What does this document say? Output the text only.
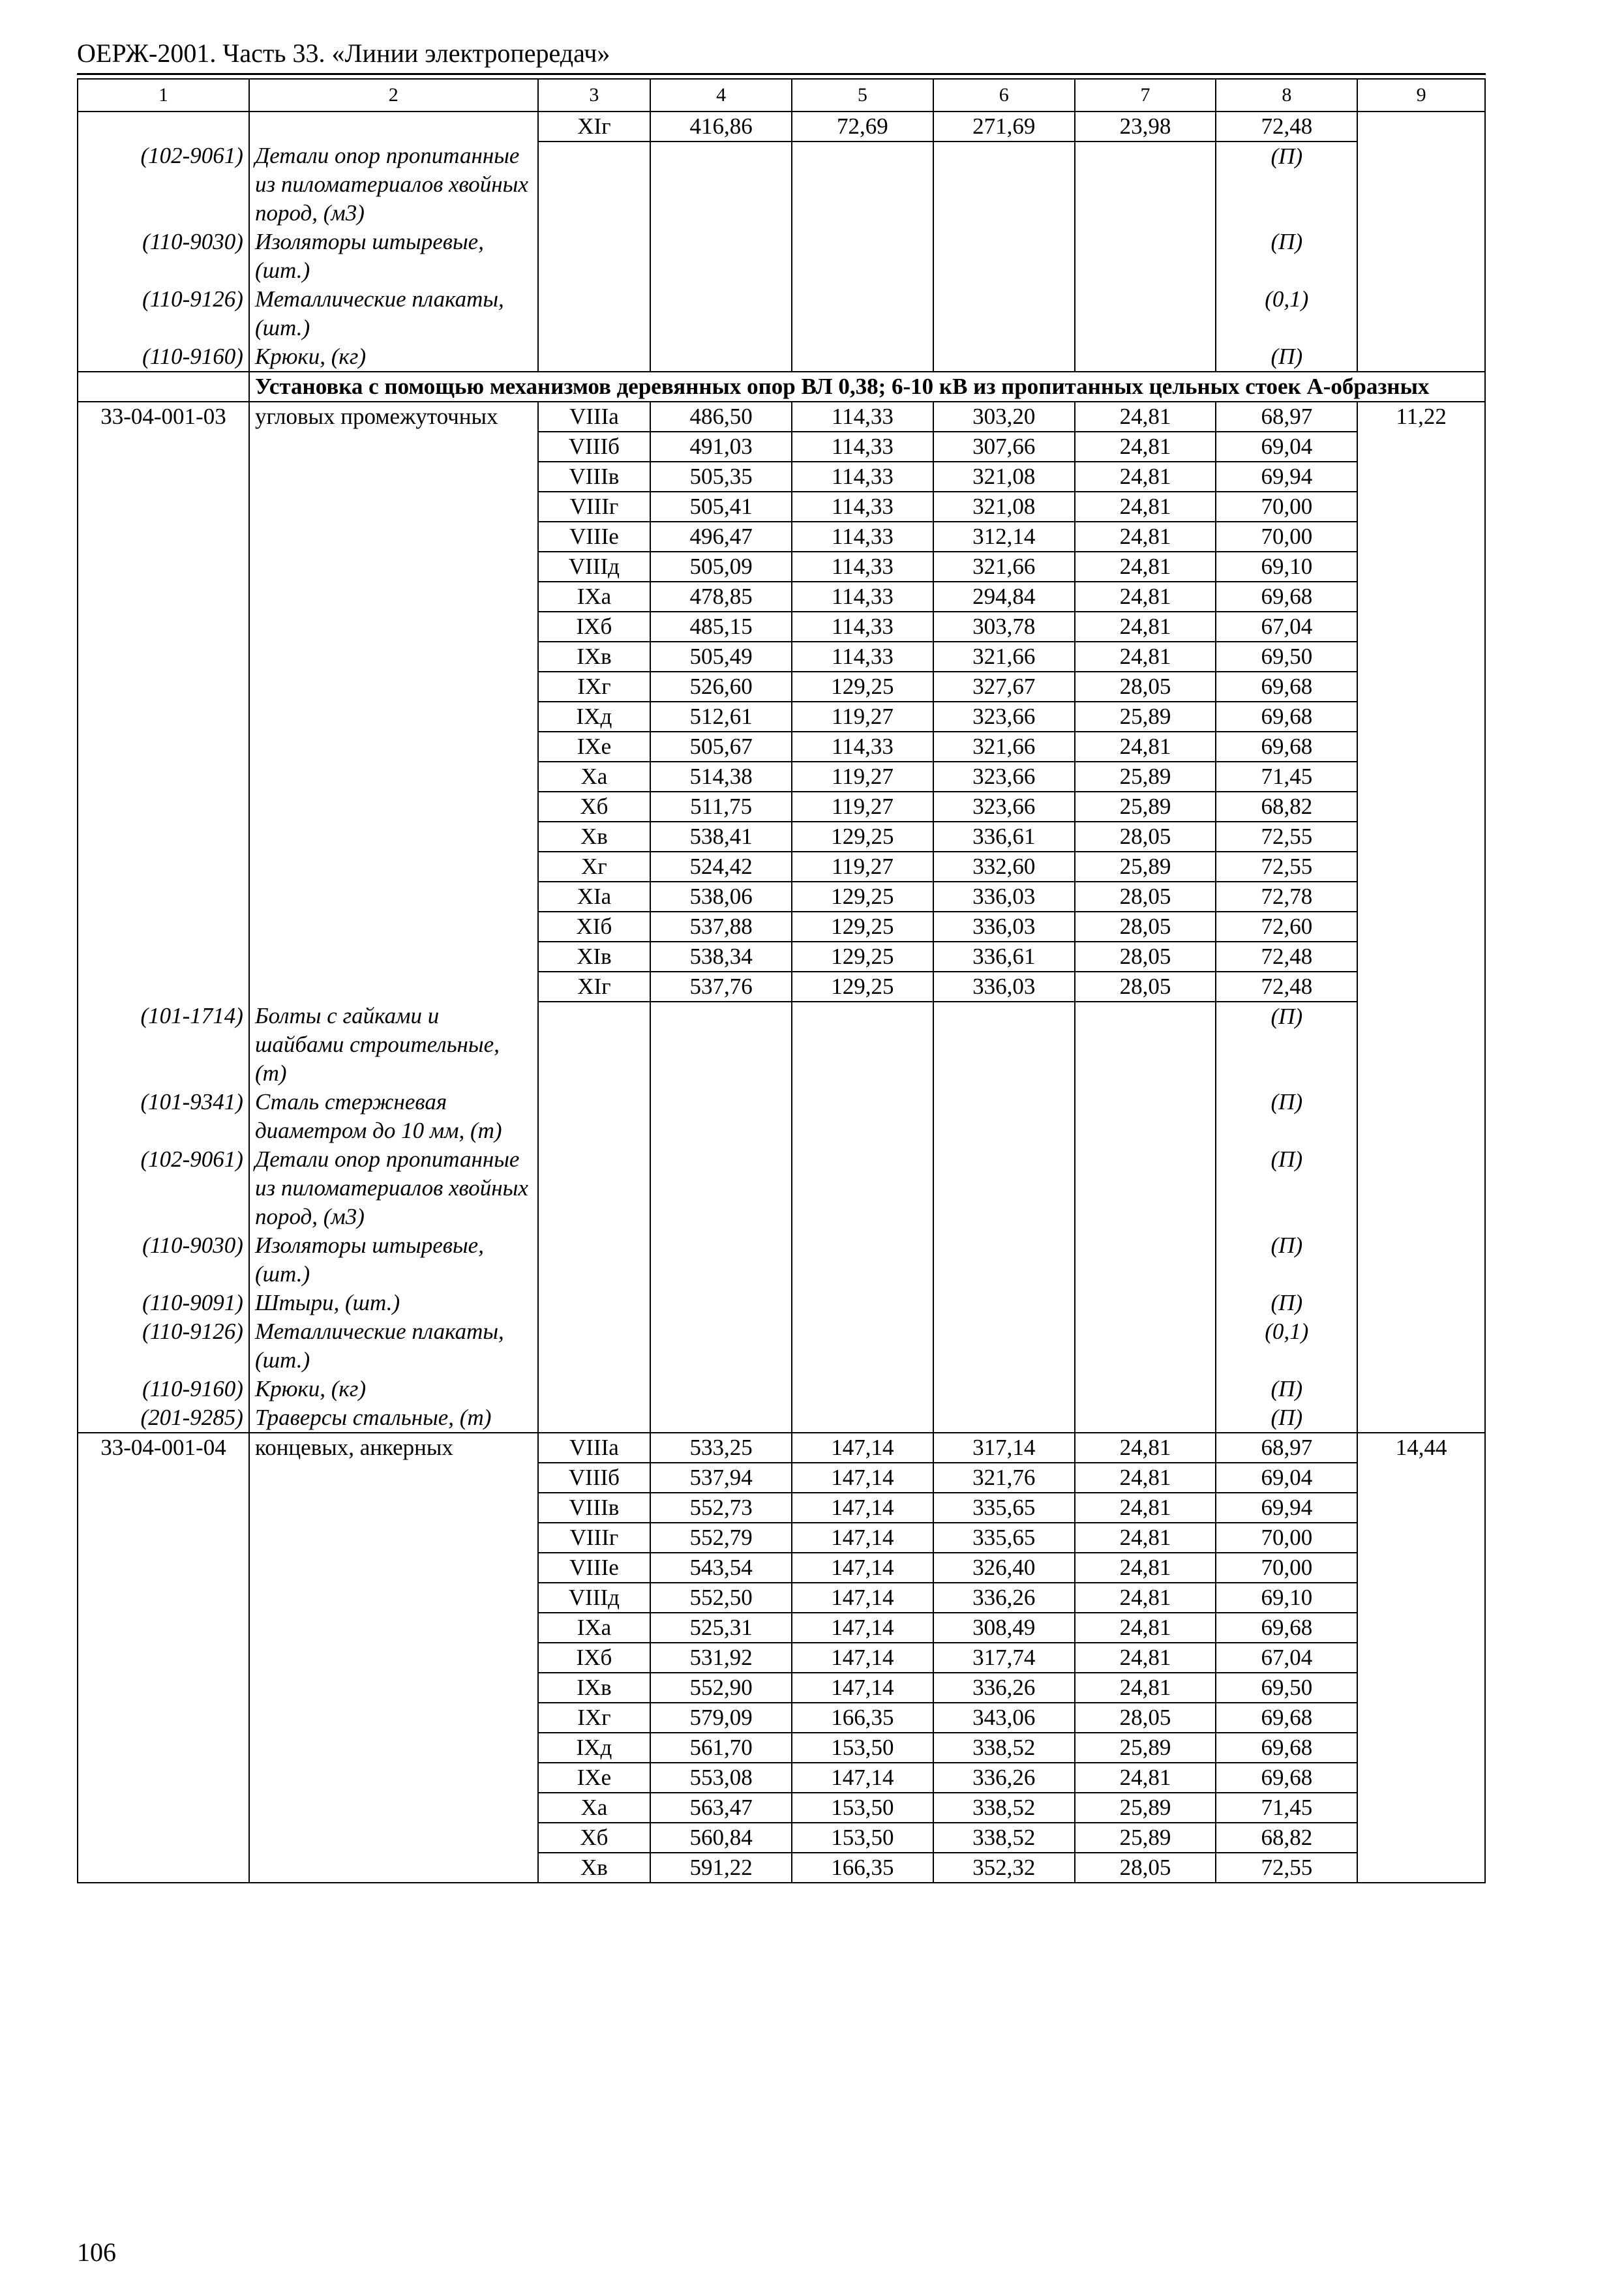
ОЕРЖ-2001. Часть 33. «Линии электропередач»
1	2	3	4	5	6	7	8	9
		XIг	416,86	72,69	271,69	23,98	72,48	
(102-9061)	Детали опор пропитанные из пиломатериалов хвойных пород, (м3)						(П)	
(110-9030)	Изоляторы штыревые, (шт.)						(П)	
(110-9126)	Металлические плакаты, (шт.)						(0,1)	
(110-9160)	Крюки, (кг)						(П)	
	Установка с помощью механизмов деревянных опор ВЛ 0,38; 6-10 кВ из пропитанных цельных стоек А-образных							
33-04-001-03	угловых промежуточных	VIIIа	486,50	114,33	303,20	24,81	68,97	11,22
		VIIIб	491,03	114,33	307,66	24,81	69,04	
		VIIIв	505,35	114,33	321,08	24,81	69,94	
		VIIIг	505,41	114,33	321,08	24,81	70,00	
		VIIIе	496,47	114,33	312,14	24,81	70,00	
		VIIIд	505,09	114,33	321,66	24,81	69,10	
		IXа	478,85	114,33	294,84	24,81	69,68	
		IXб	485,15	114,33	303,78	24,81	67,04	
		IXв	505,49	114,33	321,66	24,81	69,50	
		IXг	526,60	129,25	327,67	28,05	69,68	
		IXд	512,61	119,27	323,66	25,89	69,68	
		IXе	505,67	114,33	321,66	24,81	69,68	
		Xа	514,38	119,27	323,66	25,89	71,45	
		Xб	511,75	119,27	323,66	25,89	68,82	
		Xв	538,41	129,25	336,61	28,05	72,55	
		Xг	524,42	119,27	332,60	25,89	72,55	
		XIа	538,06	129,25	336,03	28,05	72,78	
		XIб	537,88	129,25	336,03	28,05	72,60	
		XIв	538,34	129,25	336,61	28,05	72,48	
		XIг	537,76	129,25	336,03	28,05	72,48	
(101-1714)	Болты с гайками и шайбами строительные, (т)						(П)	
(101-9341)	Сталь стержневая диаметром до 10 мм, (т)						(П)	
(102-9061)	Детали опор пропитанные из пиломатериалов хвойных пород, (м3)						(П)	
(110-9030)	Изоляторы штыревые, (шт.)						(П)	
(110-9091)	Штыри, (шт.)						(П)	
(110-9126)	Металлические плакаты, (шт.)						(0,1)	
(110-9160)	Крюки, (кг)						(П)	
(201-9285)	Траверсы стальные, (т)						(П)	
33-04-001-04	концевых, анкерных	VIIIа	533,25	147,14	317,14	24,81	68,97	14,44
		VIIIб	537,94	147,14	321,76	24,81	69,04	
		VIIIв	552,73	147,14	335,65	24,81	69,94	
		VIIIг	552,79	147,14	335,65	24,81	70,00	
		VIIIе	543,54	147,14	326,40	24,81	70,00	
		VIIIд	552,50	147,14	336,26	24,81	69,10	
		IXа	525,31	147,14	308,49	24,81	69,68	
		IXб	531,92	147,14	317,74	24,81	67,04	
		IXв	552,90	147,14	336,26	24,81	69,50	
		IXг	579,09	166,35	343,06	28,05	69,68	
		IXд	561,70	153,50	338,52	25,89	69,68	
		IXе	553,08	147,14	336,26	24,81	69,68	
		Xа	563,47	153,50	338,52	25,89	71,45	
		Xб	560,84	153,50	338,52	25,89	68,82	
		Xв	591,22	166,35	352,32	28,05	72,55	
106
